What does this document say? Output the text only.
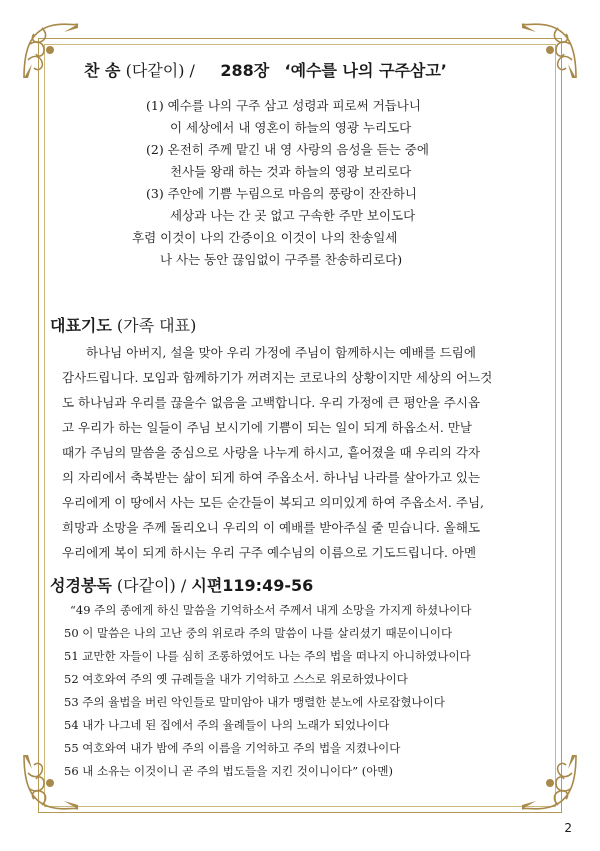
찬 송 (다같이) / 288장 ‘예수를 나의 구주삼고’
(1) 예수를 나의 구주 삼고 성령과 피로써 거듭나니
이 세상에서 내 영혼이 하늘의 영광 누리도다
(2) 온전히 주께 맡긴 내 영 사랑의 음성을 듣는 중에
천사들 왕래 하는 것과 하늘의 영광 보리로다
(3) 주안에 기쁨 누림으로 마음의 풍랑이 잔잔하니
세상과 나는 간 곳 없고 구속한 주만 보이도다
후렴 이것이 나의 간증이요 이것이 나의 찬송일세
나 사는 동안 끊임없이 구주를 찬송하리로다)
대표기도 (가족 대표)
하나님 아버지, 설을 맞아 우리 가정에 주님이 함께하시는 예배를 드림에
감사드립니다. 모임과 함께하기가 꺼려지는 코로나의 상황이지만 세상의 어느것
도 하나님과 우리를 끊을수 없음을 고백합니다. 우리 가정에 큰 평안을 주시옵
고 우리가 하는 일들이 주님 보시기에 기쁨이 되는 일이 되게 하옵소서. 만날
때가 주님의 말씀을 중심으로 사랑을 나누게 하시고, 흩어졌을 때 우리의 각자
의 자리에서 축복받는 삶이 되게 하여 주옵소서. 하나님 나라를 살아가고 있는
우리에게 이 땅에서 사는 모든 순간들이 복되고 의미있게 하여 주옵소서. 주님,
희망과 소망을 주께 돌리오니 우리의 이 예배를 받아주실 줄 믿습니다. 올해도
우리에게 복이 되게 하시는 우리 구주 예수님의 이름으로 기도드립니다. 아멘
성경봉독 (다같이) / 시편119:49-56
“49 주의 종에게 하신 말씀을 기억하소서 주께서 내게 소망을 가지게 하셨나이다
50 이 말씀은 나의 고난 중의 위로라 주의 말씀이 나를 살리셨기 때문이니이다
51 교만한 자들이 나를 심히 조롱하였어도 나는 주의 법을 떠나지 아니하였나이다
52 여호와여 주의 옛 규례들을 내가 기억하고 스스로 위로하였나이다
53 주의 율법을 버린 악인들로 말미암아 내가 맹렬한 분노에 사로잡혔나이다
54 내가 나그네 된 집에서 주의 율례들이 나의 노래가 되었나이다
55 여호와여 내가 밤에 주의 이름을 기억하고 주의 법을 지켰나이다
56 내 소유는 이것이니 곧 주의 법도들을 지킨 것이니이다” (아멘)
2
